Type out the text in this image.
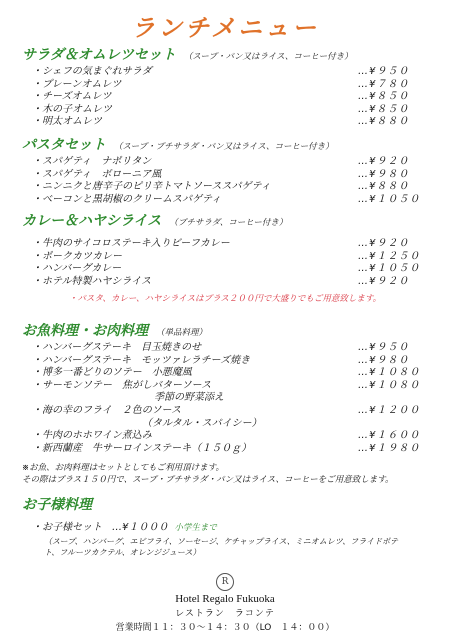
ランチメニュー
サラダ＆オムレツセット （スープ・パン又はライス、コーヒー付き）
・シェフの気まぐれサラダ	…¥９５０
・プレーンオムレツ	…¥７８０
・チーズオムレツ	…¥８５０
・木の子オムレツ	…¥８５０
・明太オムレツ	…¥８８０
パスタセット （スープ・プチサラダ・パン又はライス、コーヒー付き）
・スパゲティ　ナポリタン	…¥９２０
・スパゲティ　ボローニア風	…¥９８０
・ニンニクと唐辛子のピリ辛トマトソーススパゲティ	…¥８８０
・ベーコンと黒胡椒のクリームスパゲティ	…¥１０５０
カレー＆ハヤシライス （プチサラダ、コーヒー付き）
・牛肉のサイコロステーキ入りビーフカレー	…¥９２０
・ポークカツカレー	…¥１２５０
・ハンバーグカレー	…¥１０５０
・ホテル特製ハヤシライス	…¥９２０
・パスタ、カレー、ハヤシライスはプラス２００円で大盛りでもご用意致します。
お魚料理・お肉料理 （単品料理）
・ハンバーグステーキ　目玉焼きのせ	…¥９５０
・ハンバーグステーキ　モッツァレラチーズ焼き	…¥９８０
・博多一番どりのソテー　小悪魔風	…¥１０８０
・サーモンソテー　焦がしバターソース	…¥１０８０
季節の野菜添え
・海の幸のフライ　２色のソース	…¥１２００
（タルタル・スパイシー）
・牛肉のホホワイン煮込み	…¥１６００
・新西蘭産　牛サーロインステーキ（１５０ｇ）	…¥１９８０
※お魚、お肉料理はセットとしてもご利用頂けます。
その際はプラス１５０円で、スープ・プチサラダ・パン又はライス、コーヒーをご用意致します。
お子様料理
・お子様セット　…¥１０００ 小学生まで
（スープ、ハンバーグ、エビフライ、ソーセージ、ケチャップライス、ミニオムレツ、フライドポテト、フルーツカクテル、オレンジジュース）
R
Hotel Regalo Fukuoka
レストラン　ラコンテ
営業時間１１：３０～１４：３０（LO　１４：００）
